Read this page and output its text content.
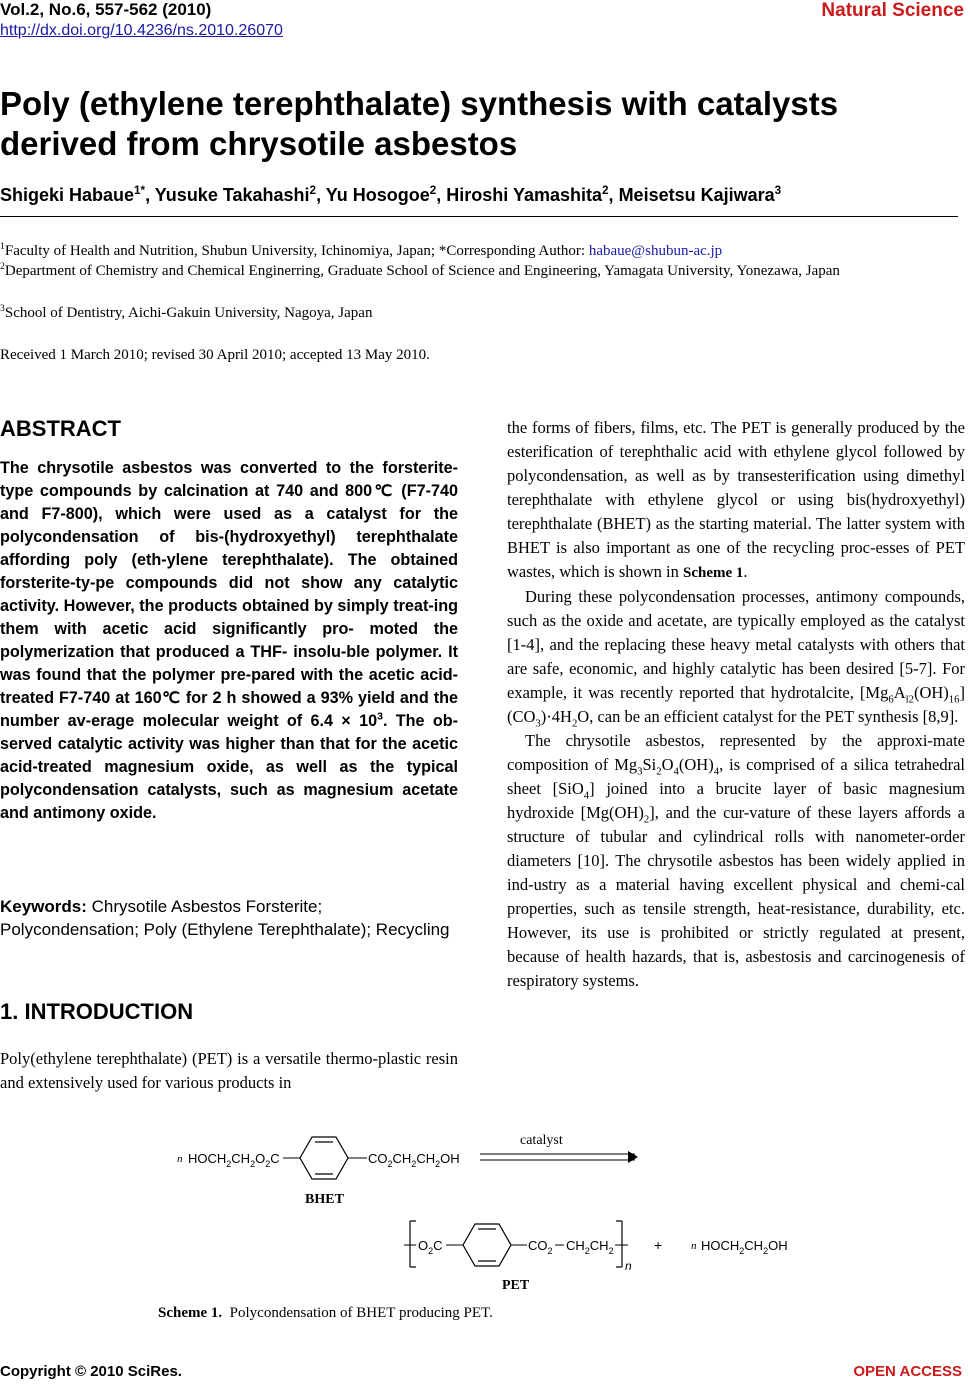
Vol.2, No.6, 557-562 (2010)
http://dx.doi.org/10.4236/ns.2010.26070
Natural Science
Poly (ethylene terephthalate) synthesis with catalysts derived from chrysotile asbestos
Shigeki Habaue$^{1*}$, Yusuke Takahashi$^2$, Yu Hosogoe$^2$, Hiroshi Yamashita$^2$, Meisetsu Kajiwara$^3$
$^1$Faculty of Health and Nutrition, Shubun University, Ichinomiya, Japan; *Corresponding Author: habaue@shubun-ac.jp
$^2$Department of Chemistry and Chemical Enginerring, Graduate School of Science and Engineering, Yamagata University, Yonezawa, Japan
$^3$School of Dentistry, Aichi-Gakuin University, Nagoya, Japan
Received 1 March 2010; revised 30 April 2010; accepted 13 May 2010.
ABSTRACT
The chrysotile asbestos was converted to the forsterite-type compounds by calcination at 740 and 800℃ (F7-740 and F7-800), which were used as a catalyst for the polycondensation of bis-(hydroxyethyl) terephthalate affording poly (eth-ylene terephthalate). The obtained forsterite-ty-pe compounds did not show any catalytic activity. However, the products obtained by simply treat-ing them with acetic acid significantly pro- moted the polymerization that produced a THF- insolu-ble polymer. It was found that the polymer pre-pared with the acetic acid-treated F7-740 at 160℃ for 2 h showed a 93% yield and the number av-erage molecular weight of $6.4 \times 10^3$. The ob-served catalytic activity was higher than that for the acetic acid-treated magnesium oxide, as well as the typical polycondensation catalysts, such as magnesium acetate and antimony oxide.
Keywords: Chrysotile Asbestos Forsterite; Polycondensation; Poly (Ethylene Terephthalate); Recycling
1. INTRODUCTION
Poly(ethylene terephthalate) (PET) is a versatile thermo-plastic resin and extensively used for various products in

the forms of fibers, films, etc. The PET is generally produced by the esterification of terephthalic acid with ethylene glycol followed by polycondensation, as well as by transesterification using dimethyl terephthalate with ethylene glycol or using bis(hydroxyethyl) terephthalate (BHET) as the starting material. The latter system with BHET is also important as one of the recycling proc-esses of PET wastes, which is shown in Scheme 1.

During these polycondensation processes, antimony compounds, such as the oxide and acetate, are typically employed as the catalyst [1-4], and the replacing these heavy metal catalysts with others that are safe, economic, and highly catalytic has been desired [5-7]. For example, it was recently reported that hydrotalcite, $[Mg_6A_{l2}(OH)_{16}](CO_3)\cdot 4H_2O$, can be an efficient catalyst for the PET synthesis [8,9].

The chrysotile asbestos, represented by the approxi-mate composition of $Mg_3Si_2O_4(OH)_4$, is comprised of a silica tetrahedral sheet [SiO$_4$] joined into a brucite layer of basic magnesium hydroxide $[Mg(OH)_2]$, and the cur-vature of these layers affords a structure of tubular and cylindrical rolls with nanometer-order diameters [10]. The chrysotile asbestos has been widely applied in ind-ustry as a material having excellent physical and chemi-cal properties, such as tensile strength, heat-resistance, durability, etc. However, its use is prohibited or strictly regulated at present, because of health hazards, that is, asbestosis and carcinogenesis of respiratory systems.

n $HOCH_2CH_2O_2C$	$CO_2CH_2CH_2OH$
catalyst
BHET
$O_2C$	$CO_2$ $CH_2CH_2$
n
+	n $HOCH_2CH_2OH$
PET
Scheme 1. Polycondensation of BHET producing PET.
Copyright © 2010 SciRes.	OPEN ACCESS
